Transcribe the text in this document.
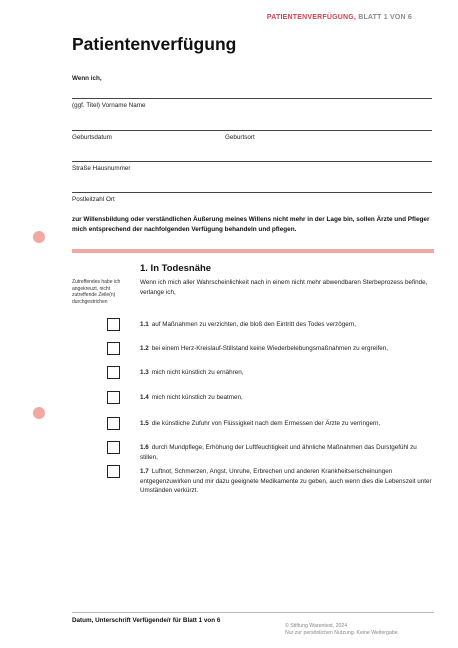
PATIENTENVERFÜGUNG, BLATT 1 VON 6
Patientenverfügung
Wenn ich,
(ggf. Titel) Vorname Name
Geburtsdatum	Geburtsort
Straße Hausnummer
Postleitzahl Ort
zur Willensbildung oder verständlichen Äußerung meines Willens nicht mehr in der Lage bin, sollen Ärzte und Pfleger mich entsprechend der nachfolgenden Verfügung behandeln und pflegen.
1. In Todesnähe
Zutreffendes habe ich angekreuzt, nicht zutreffende Zeile(n) durchgestrichen
Wenn ich mich aller Wahrscheinlichkeit nach in einem nicht mehr abwendbaren Sterbeprozess befinde, verlange ich,
1.1 auf Maßnahmen zu verzichten, die bloß den Eintritt des Todes verzögern,
1.2 bei einem Herz-Kreislauf-Stillstand keine Wiederbelebungsmaßnahmen zu ergreifen,
1.3 mich nicht künstlich zu ernähren,
1.4 mich nicht künstlich zu beatmen,
1.5 die künstliche Zufuhr von Flüssigkeit nach dem Ermessen der Ärzte zu verringern,
1.6 durch Mundpflege, Erhöhung der Luftfeuchtigkeit und ähnliche Maßnahmen das Durstgefühl zu stillen,
1.7 Luftnot, Schmerzen, Angst, Unruhe, Erbrechen und anderen Krankheitserscheinungen entgegenzuwirken und mir dazu geeignete Medikamente zu geben, auch wenn dies die Lebenszeit unter Umständen verkürzt.
Datum, Unterschrift Verfügende/r für Blatt 1 von 6
© Stiftung Warentest, 2024
Nur zur persönlichen Nutzung. Keine Weitergabe.
